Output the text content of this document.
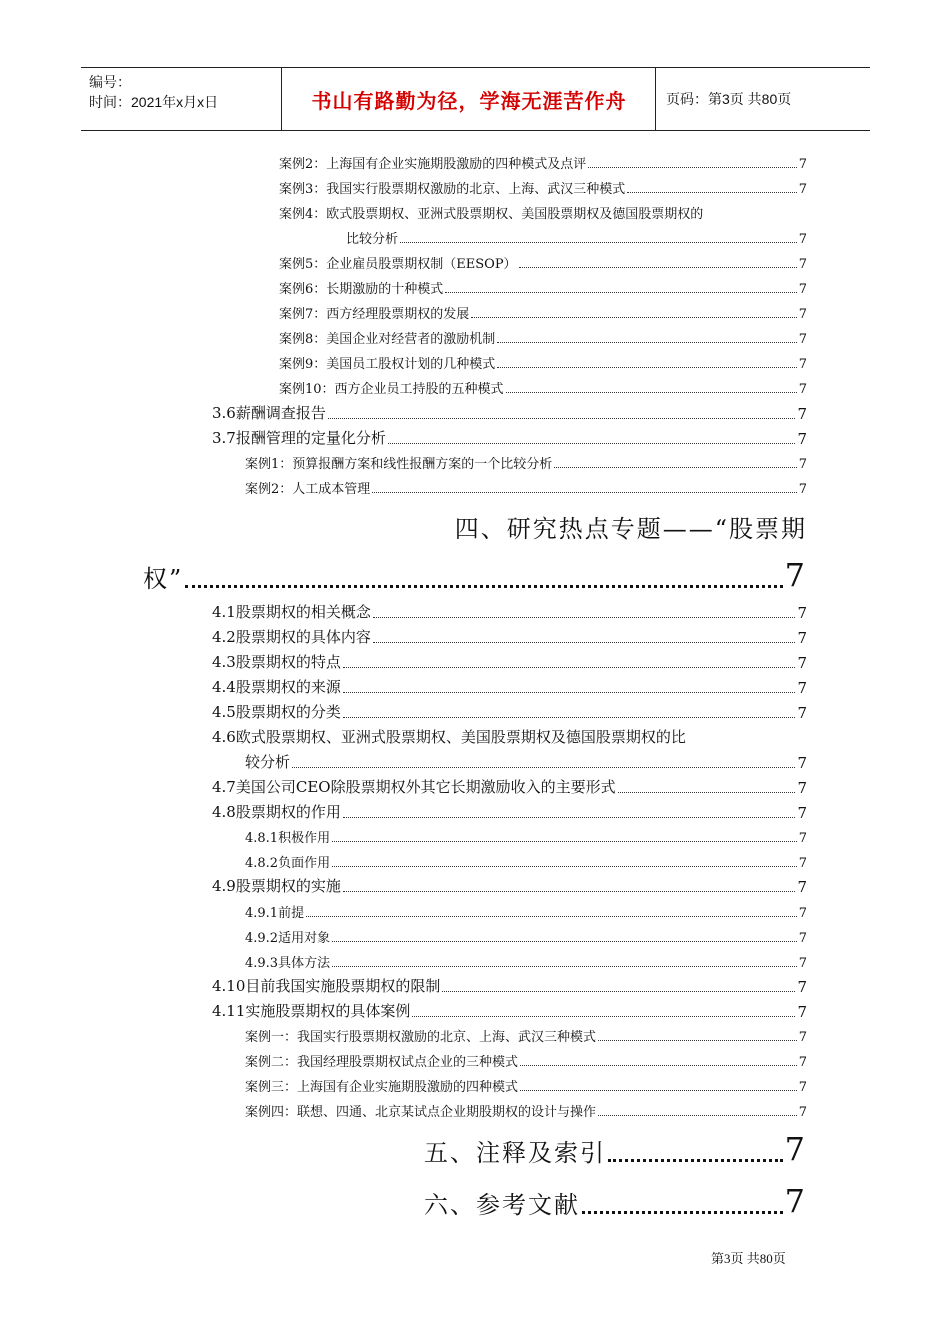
编号：
时间：2021年x月x日	书山有路勤为径，学海无涯苦作舟	页码：第3页 共80页
案例2：上海国有企业实施期股激励的四种模式及点评	7
案例3：我国实行股票期权激励的北京、上海、武汉三种模式	7
案例4：欧式股票期权、亚洲式股票期权、美国股票期权及德国股票期权的
比较分析	7
案例5：企业雇员股票期权制（EESOP）	7
案例6：长期激励的十种模式	7
案例7：西方经理股票期权的发展	7
案例8：美国企业对经营者的激励机制	7
案例9：美国员工股权计划的几种模式	7
案例10：西方企业员工持股的五种模式	7
3.6薪酬调查报告	7
3.7报酬管理的定量化分析	7
案例1：预算报酬方案和线性报酬方案的一个比较分析	7
案例2：人工成本管理	7
四、研究热点专题——“股票期
权”	7
4.1股票期权的相关概念	7
4.2股票期权的具体内容	7
4.3股票期权的特点	7
4.4股票期权的来源	7
4.5股票期权的分类	7
4.6欧式股票期权、亚洲式股票期权、美国股票期权及德国股票期权的比
较分析	7
4.7美国公司CEO除股票期权外其它长期激励收入的主要形式	7
4.8股票期权的作用	7
4.8.1积极作用	7
4.8.2负面作用	7
4.9股票期权的实施	7
4.9.1前提	7
4.9.2适用对象	7
4.9.3具体方法	7
4.10目前我国实施股票期权的限制	7
4.11实施股票期权的具体案例	7
案例一：我国实行股票期权激励的北京、上海、武汉三种模式	7
案例二：我国经理股票期权试点企业的三种模式	7
案例三：上海国有企业实施期股激励的四种模式	7
案例四：联想、四通、北京某试点企业期股期权的设计与操作	7
五、注释及索引	7
六、参考文献	7
第3页 共80页
